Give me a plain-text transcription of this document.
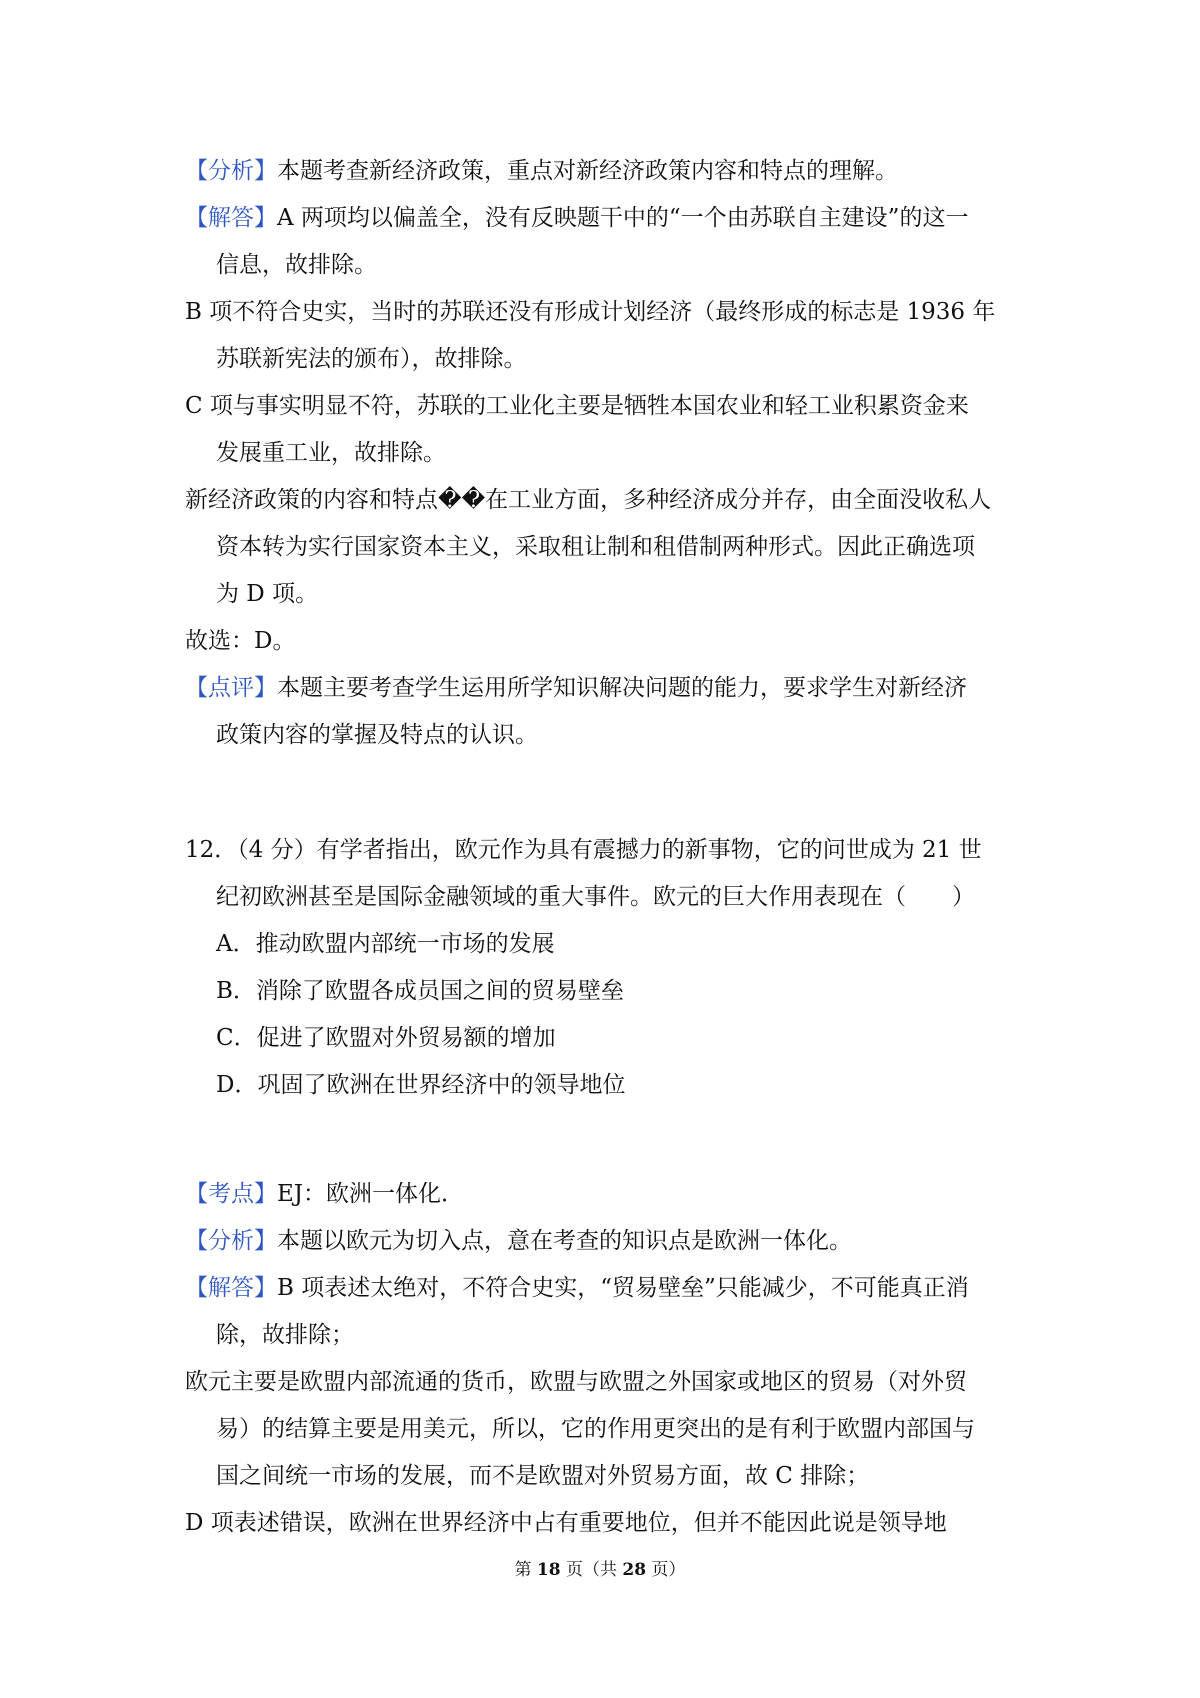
【分析】本题考查新经济政策，重点对新经济政策内容和特点的理解。
【解答】A 两项均以偏盖全，没有反映题干中的“一个由苏联自主建设”的这一
信息，故排除。
B 项不符合史实，当时的苏联还没有形成计划经济（最终形成的标志是 1936 年
苏联新宪法的颁布），故排除。
C 项与事实明显不符，苏联的工业化主要是牺牲本国农业和轻工业积累资金来
发展重工业，故排除。
新经济政策的内容和特点��在工业方面，多种经济成分并存，由全面没收私人
资本转为实行国家资本主义，采取租让制和租借制两种形式。因此正确选项
为 D 项。
故选：D。
【点评】本题主要考查学生运用所学知识解决问题的能力，要求学生对新经济
政策内容的掌握及特点的认识。
12．（4 分）有学者指出，欧元作为具有震撼力的新事物，它的问世成为 21 世
纪初欧洲甚至是国际金融领域的重大事件。欧元的巨大作用表现在（　　）
A．推动欧盟内部统一市场的发展
B．消除了欧盟各成员国之间的贸易壁垒
C．促进了欧盟对外贸易额的增加
D．巩固了欧洲在世界经济中的领导地位
【考点】EJ：欧洲一体化．
【分析】本题以欧元为切入点，意在考查的知识点是欧洲一体化。
【解答】B 项表述太绝对，不符合史实，“贸易壁垒”只能减少，不可能真正消
除，故排除；
欧元主要是欧盟内部流通的货币，欧盟与欧盟之外国家或地区的贸易（对外贸
易）的结算主要是用美元，所以，它的作用更突出的是有利于欧盟内部国与
国之间统一市场的发展，而不是欧盟对外贸易方面，故 C 排除；
D 项表述错误，欧洲在世界经济中占有重要地位，但并不能因此说是领导地
第 18 页（共 28 页）
